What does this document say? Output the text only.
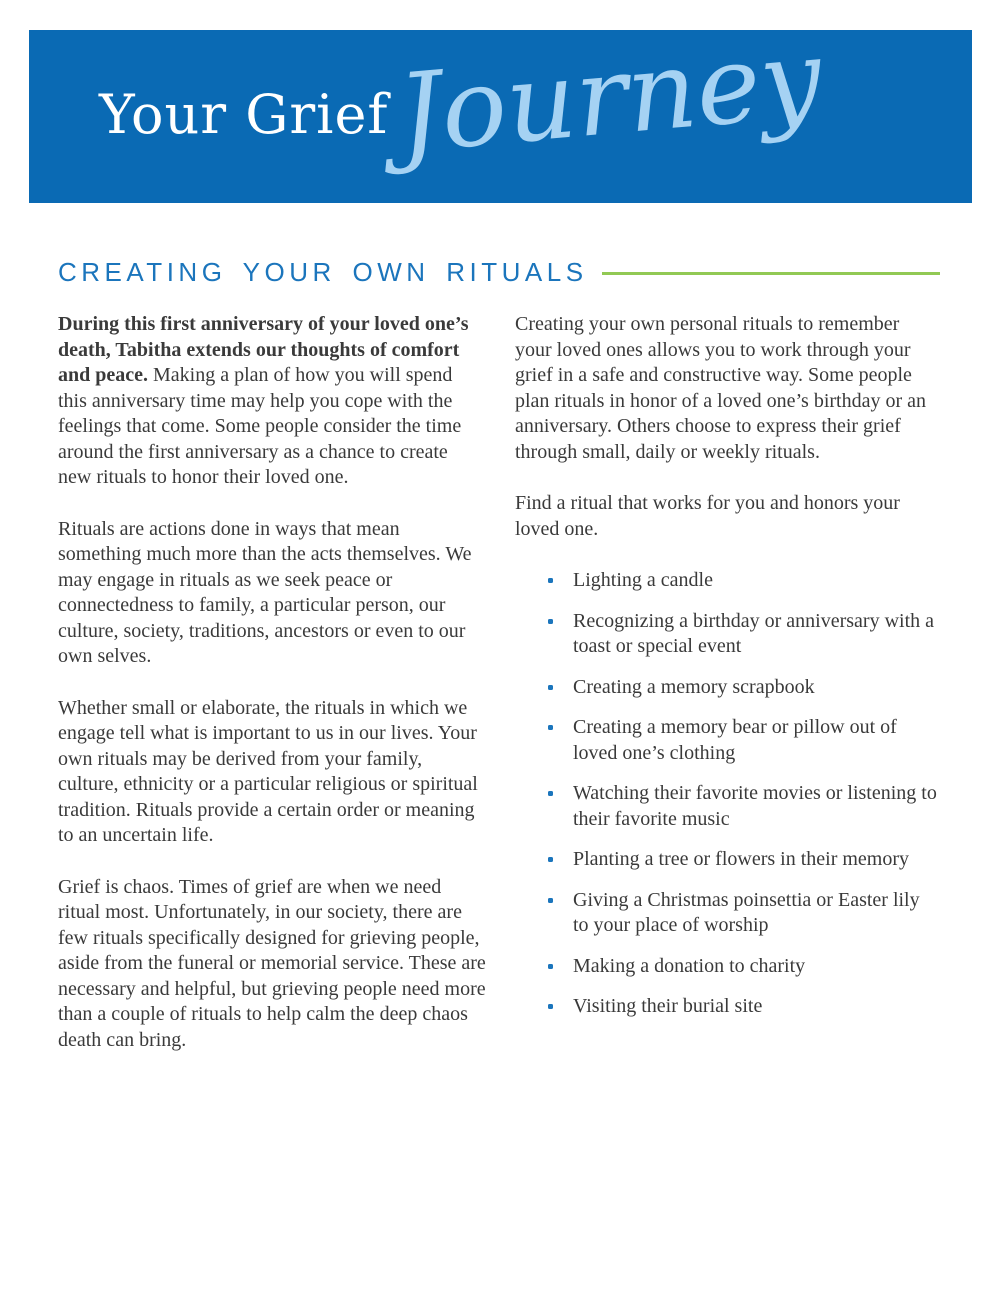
Your Grief Journey
CREATING YOUR OWN RITUALS

During this first anniversary of your loved one’s death, Tabitha extends our thoughts of comfort and peace. Making a plan of how you will spend this anniversary time may help you cope with the feelings that come. Some people consider the time around the first anniversary as a chance to create new rituals to honor their loved one.

Rituals are actions done in ways that mean something much more than the acts themselves. We may engage in rituals as we seek peace or connectedness to family, a particular person, our culture, society, traditions, ancestors or even to our own selves.

Whether small or elaborate, the rituals in which we engage tell what is important to us in our lives. Your own rituals may be derived from your family, culture, ethnicity or a particular religious or spiritual tradition. Rituals provide a certain order or meaning to an uncertain life.

Grief is chaos. Times of grief are when we need ritual most. Unfortunately, in our society, there are few rituals specifically designed for grieving people, aside from the funeral or memorial service. These are necessary and helpful, but grieving people need more than a couple of rituals to help calm the deep chaos death can bring.

Creating your own personal rituals to remember your loved ones allows you to work through your grief in a safe and constructive way. Some people plan rituals in honor of a loved one’s birthday or an anniversary. Others choose to express their grief through small, daily or weekly rituals.

Find a ritual that works for you and honors your loved one.

Lighting a candle
Recognizing a birthday or anniversary with a toast or special event
Creating a memory scrapbook
Creating a memory bear or pillow out of loved one’s clothing
Watching their favorite movies or listening to their favorite music
Planting a tree or flowers in their memory
Giving a Christmas poinsettia or Easter lily to your place of worship
Making a donation to charity
Visiting their burial site
